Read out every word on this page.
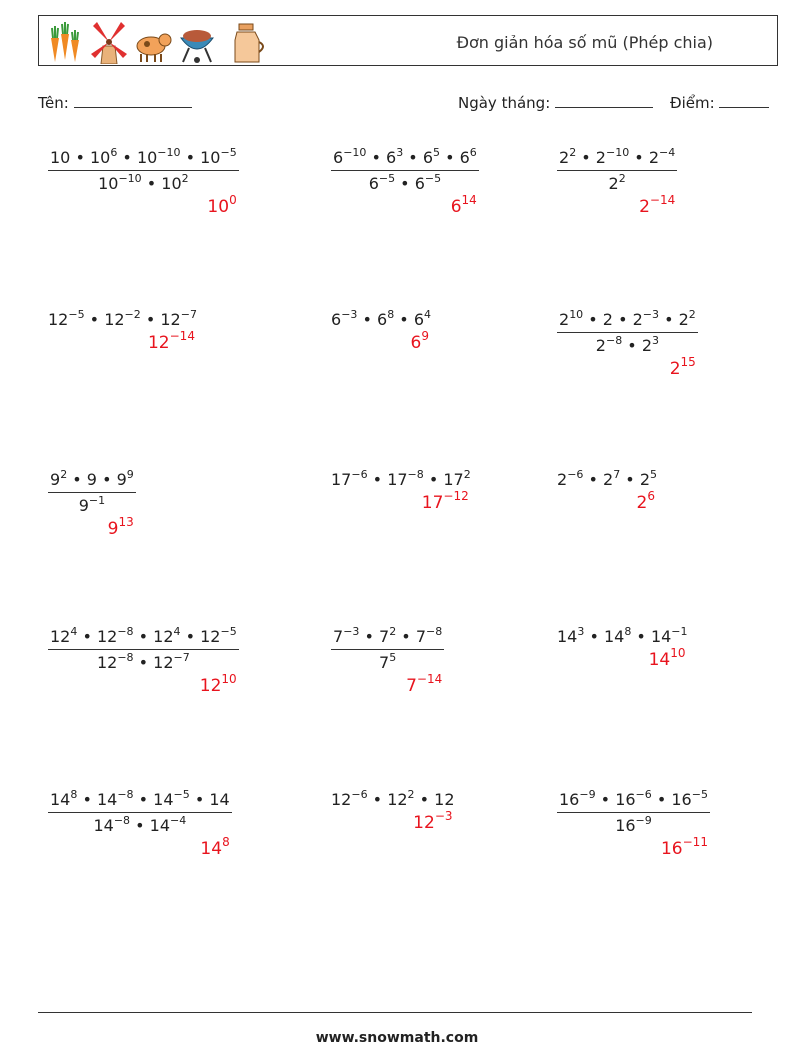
Đơn giản hóa số mũ (Phép chia)
Tên:	Ngày tháng:	Điểm:
$\frac{10 • 10^6 • 10^{-10} • 10^{-5}}{10^{-10} • 10^2}$
$10^0$
$\frac{6^{-10} • 6^3 • 6^5 • 6^6}{6^{-5} • 6^{-5}}$
$6^{14}$
$\frac{2^2 • 2^{-10} • 2^{-4}}{2^2}$
$2^{-14}$
$12^{-5}$ • $12^{-2}$ • $12^{-7}$
$12^{-14}$
$6^{-3}$ • $6^8$ • $6^4$
$6^9$	$\frac{2^{10} • 2 • 2^{-3} • 2^2}{2^{-8} • 2^3}$
$2^{15}$
$\frac{9^2 • 9 • 9^9}{9^{-1}}$
$9^{13}$
$17^{-6}$ • $17^{-8}$ • $17^2$
$17^{-12}$
$2^{-6}$ • $2^7$ • $2^5$
$2^6$
$\frac{12^4 • 12^{-8} • 12^4 • 12^{-5}}{12^{-8} • 12^{-7}}$
$12^{10}$
$\frac{7^{-3} • 7^2 • 7^{-8}}{7^5}$
$7^{-14}$
$14^3$ • $14^8$ • $14^{-1}$
$14^{10}$
$\frac{14^8 • 14^{-8} • 14^{-5} • 14}{14^{-8} • 14^{-4}}$
$14^8$
$12^{-6}$ • $12^2$ • 12
$12^{-3}$	$\frac{16^{-9} • 16^{-6} • 16^{-5}}{16^{-9}}$
$16^{-11}$
www.snowmath.com
